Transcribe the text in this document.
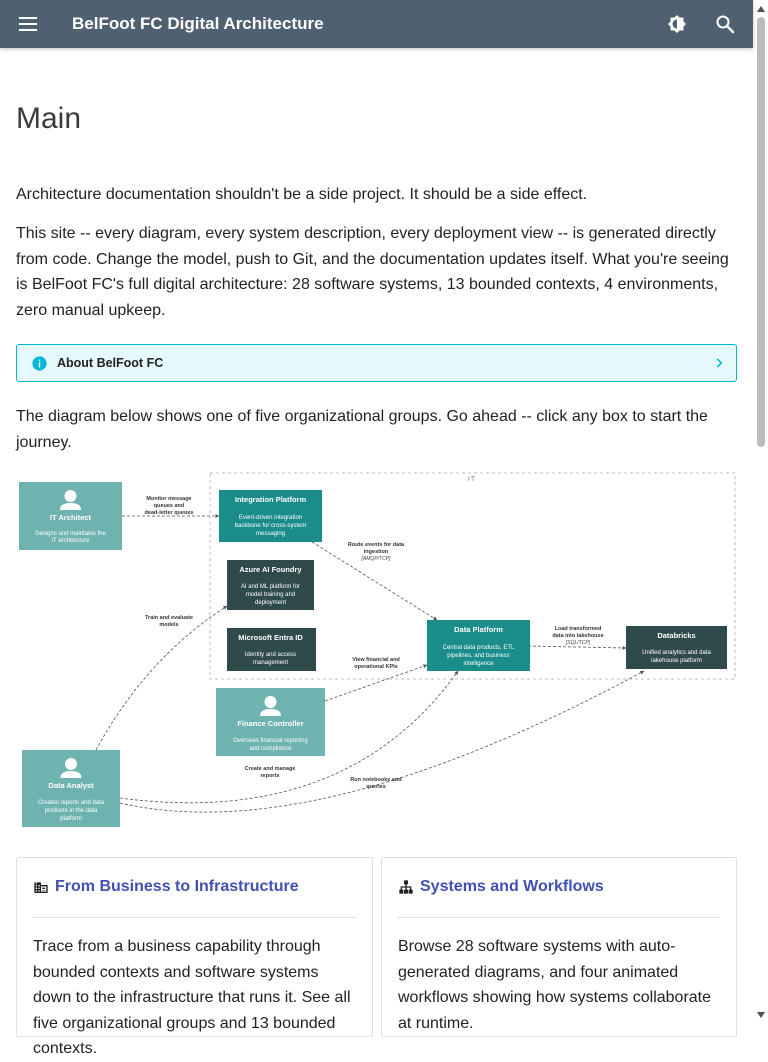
BelFoot FC Digital Architecture
Main

Architecture documentation shouldn't be a side project. It should be a side effect.

This site -- every diagram, every system description, every deployment view -- is generated directly from code. Change the model, push to Git, and the documentation updates itself. What you're seeing is BelFoot FC's full digital architecture: 28 software systems, 13 bounded contexts, 4 environments, zero manual upkeep.

About BelFoot FC

The diagram below shows one of five organizational groups. Go ahead -- click any box to start the journey.

IT
Monitor message
queues and
dead-letter queues
Route events for data
ingestion
Load transformed
data into lakehouse
Train and evaluate
models
View financial and
operational KPIs
Create and manage
reports
Run notebooks and
queries
[AMQP/TCP]
[SQL/TCP]
IT Architect
Designs and maintains the
IT architecture
Integration Platform
Event-driven integration
backbone for cross-system
messaging
Azure AI Foundry
AI and ML platform for
model training and
deployment
Microsoft Entra ID
Identity and access
management
Finance Controller
Oversees financial reporting
and compliance
Data Platform
Central data products, ETL
pipelines, and business
intelligence
Databricks
Unified analytics and data
lakehouse platform
Data Analyst
Creates reports and data
products in the data
platform
From Business to Infrastructure

Trace from a business capability through bounded contexts and software systems down to the infrastructure that runs it. See all five organizational groups and 13 bounded contexts.

Systems and Workflows

Browse 28 software systems with auto-generated diagrams, and four animated workflows showing how systems collaborate at runtime.
